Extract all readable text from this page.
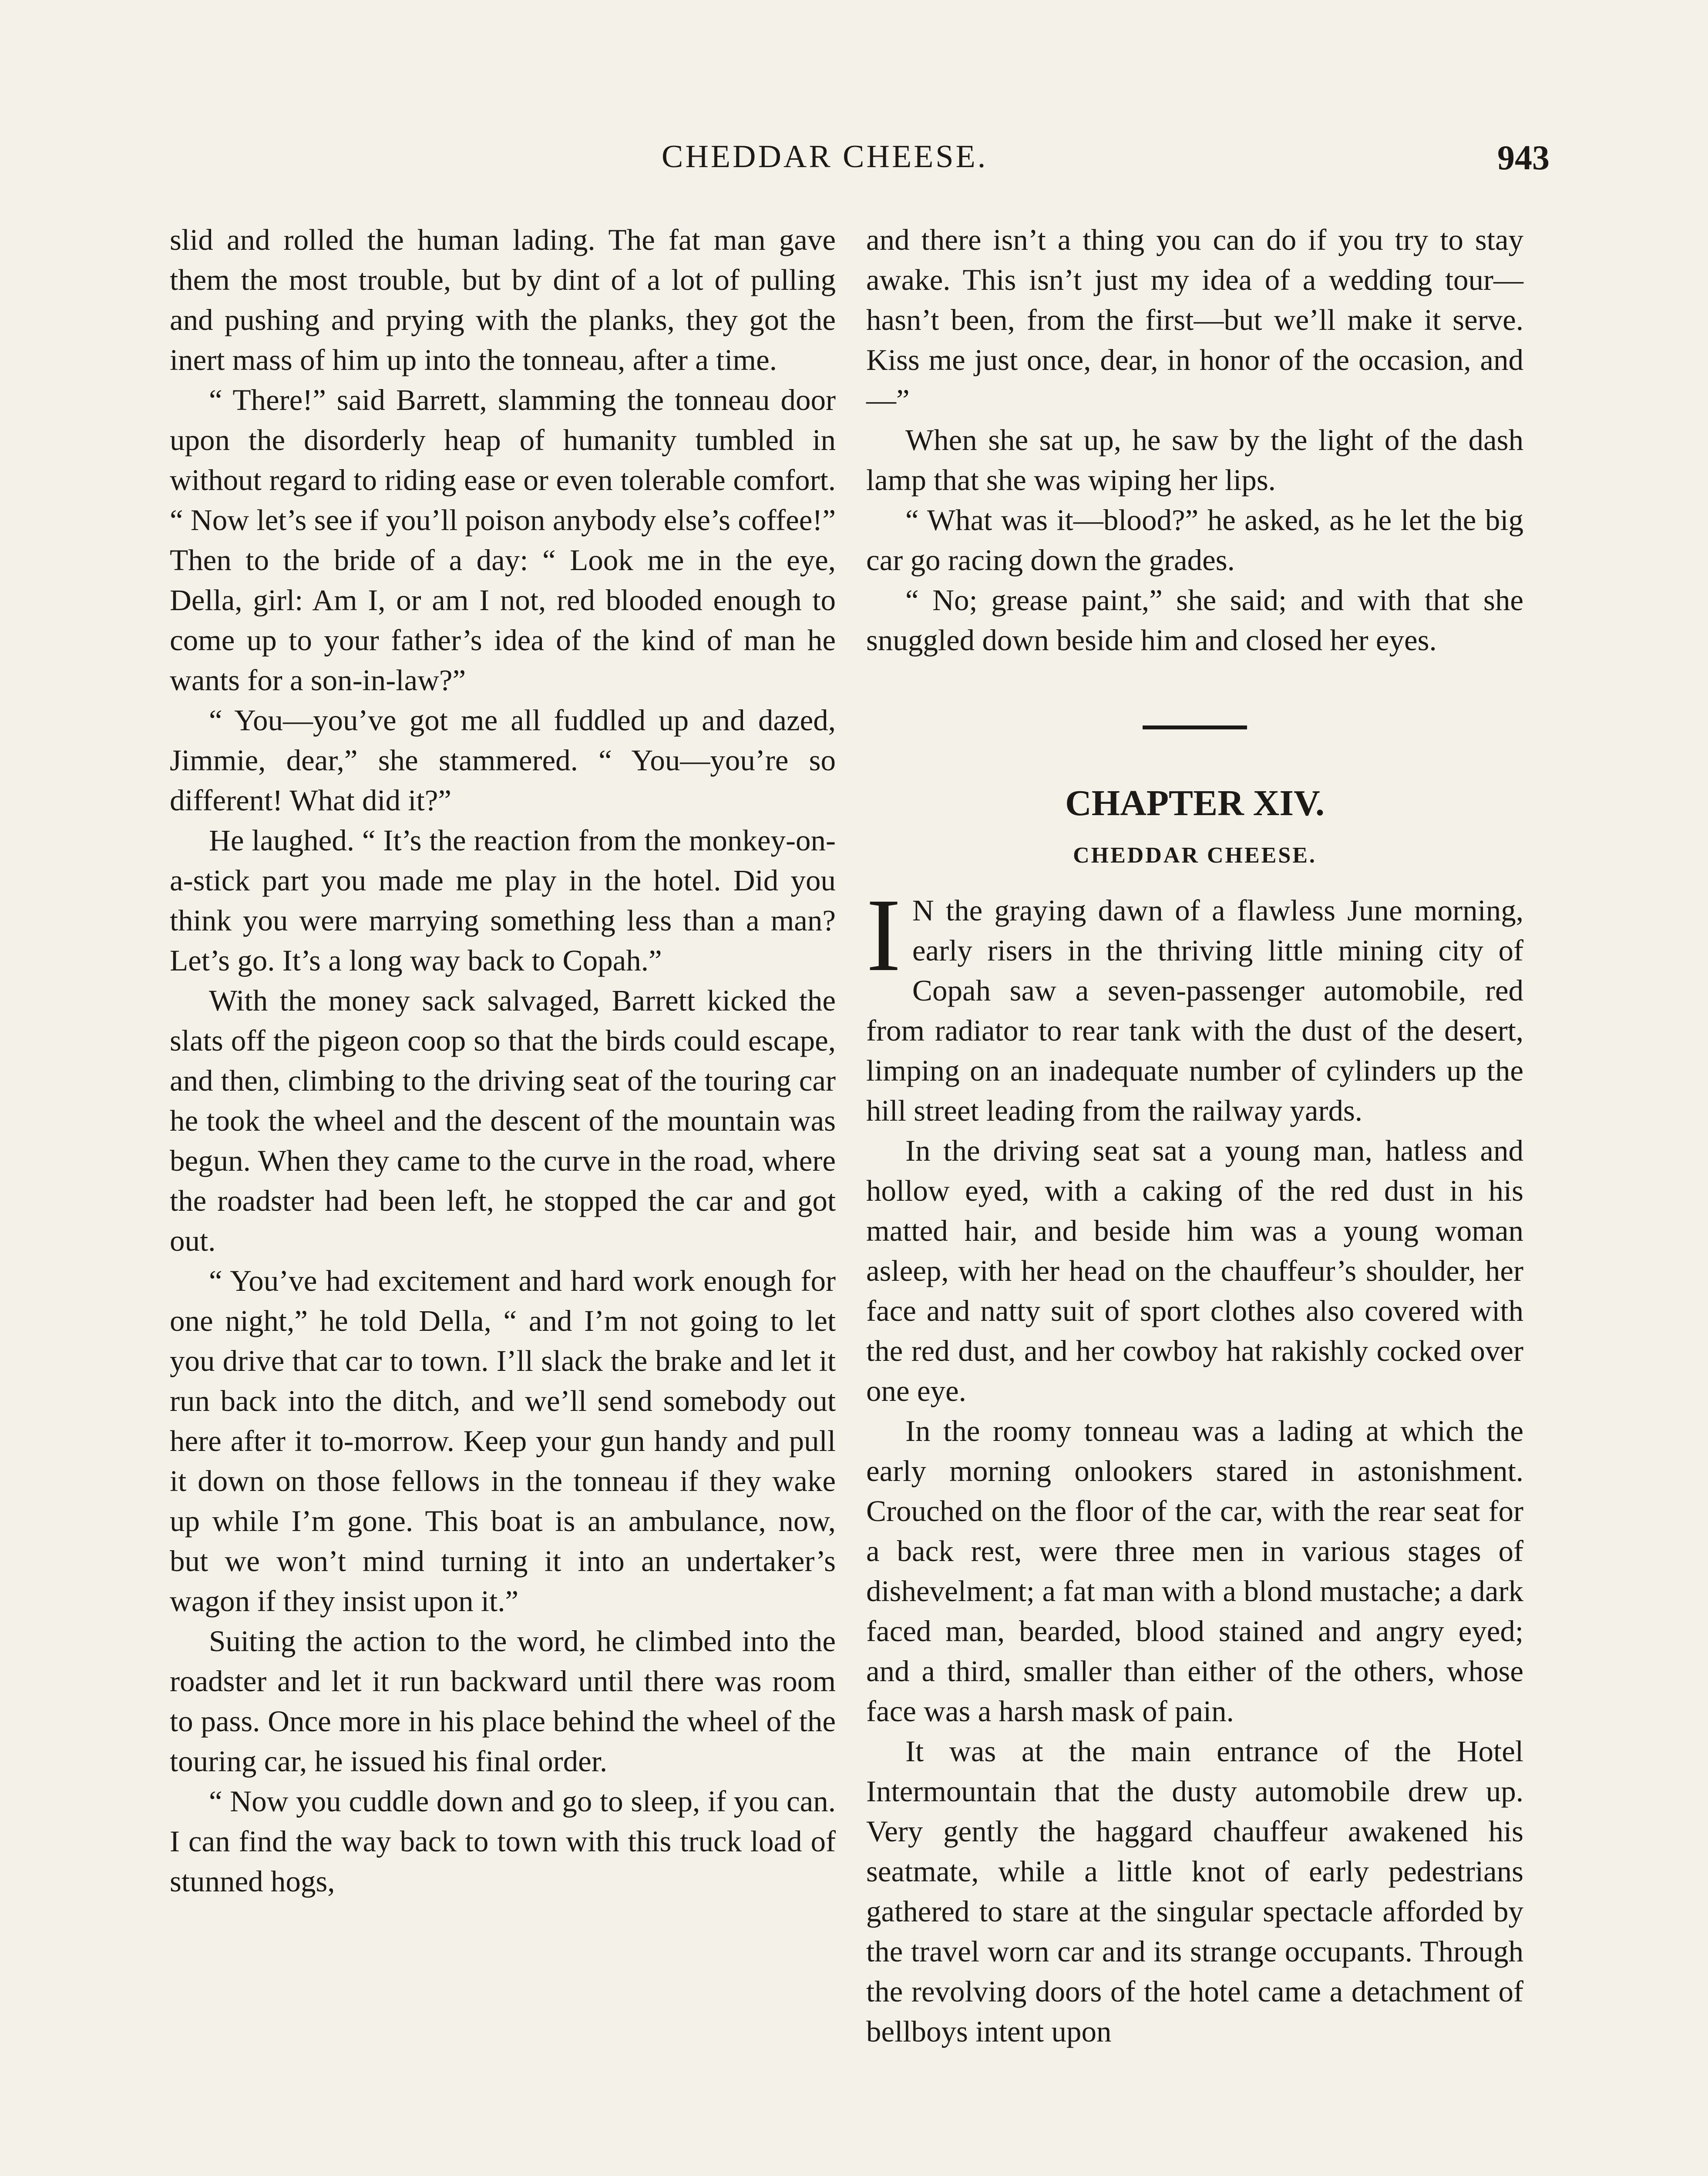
CHEDDAR CHEESE.	943

slid and rolled the human lading. The fat man gave them the most trouble, but by dint of a lot of pulling and pushing and prying with the planks, they got the inert mass of him up into the tonneau, after a time.

“ There!” said Barrett, slamming the tonneau door upon the disorderly heap of humanity tumbled in without regard to riding ease or even tolerable comfort. “ Now let’s see if you’ll poison anybody else’s coffee!” Then to the bride of a day: “ Look me in the eye, Della, girl: Am I, or am I not, red blooded enough to come up to your father’s idea of the kind of man he wants for a son-in-law?”

“ You—you’ve got me all fuddled up and dazed, Jimmie, dear,” she stammered. “ You—you’re so different! What did it?”

He laughed. “ It’s the reaction from the monkey-on-a-stick part you made me play in the hotel. Did you think you were marrying something less than a man? Let’s go. It’s a long way back to Copah.”

With the money sack salvaged, Barrett kicked the slats off the pigeon coop so that the birds could escape, and then, climbing to the driving seat of the touring car he took the wheel and the descent of the mountain was begun. When they came to the curve in the road, where the roadster had been left, he stopped the car and got out.

“ You’ve had excitement and hard work enough for one night,” he told Della, “ and I’m not going to let you drive that car to town. I’ll slack the brake and let it run back into the ditch, and we’ll send somebody out here after it to-morrow. Keep your gun handy and pull it down on those fellows in the tonneau if they wake up while I’m gone. This boat is an ambulance, now, but we won’t mind turning it into an undertaker’s wagon if they insist upon it.”

Suiting the action to the word, he climbed into the roadster and let it run backward until there was room to pass. Once more in his place behind the wheel of the touring car, he issued his final order.

“ Now you cuddle down and go to sleep, if you can. I can find the way back to town with this truck load of stunned hogs,

and there isn’t a thing you can do if you try to stay awake. This isn’t just my idea of a wedding tour—hasn’t been, from the first—but we’ll make it serve. Kiss me just once, dear, in honor of the occasion, and—”

When she sat up, he saw by the light of the dash lamp that she was wiping her lips.

“ What was it—blood?” he asked, as he let the big car go racing down the grades.

“ No; grease paint,” she said; and with that she snuggled down beside him and closed her eyes.

CHAPTER XIV.
CHEDDAR CHEESE.
I N the graying dawn of a flawless June morning, early risers in the thriving little mining city of Copah saw a seven-passenger automobile, red from radiator to rear tank with the dust of the desert, limping on an inadequate number of cylinders up the hill street leading from the railway yards.

In the driving seat sat a young man, hatless and hollow eyed, with a caking of the red dust in his matted hair, and beside him was a young woman asleep, with her head on the chauffeur’s shoulder, her face and natty suit of sport clothes also covered with the red dust, and her cowboy hat rakishly cocked over one eye.

In the roomy tonneau was a lading at which the early morning onlookers stared in astonishment. Crouched on the floor of the car, with the rear seat for a back rest, were three men in various stages of dishevelment; a fat man with a blond mustache; a dark faced man, bearded, blood stained and angry eyed; and a third, smaller than either of the others, whose face was a harsh mask of pain.

It was at the main entrance of the Hotel Intermountain that the dusty automobile drew up. Very gently the haggard chauffeur awakened his seatmate, while a little knot of early pedestrians gathered to stare at the singular spectacle afforded by the travel worn car and its strange occupants. Through the revolving doors of the hotel came a detachment of bellboys intent upon
